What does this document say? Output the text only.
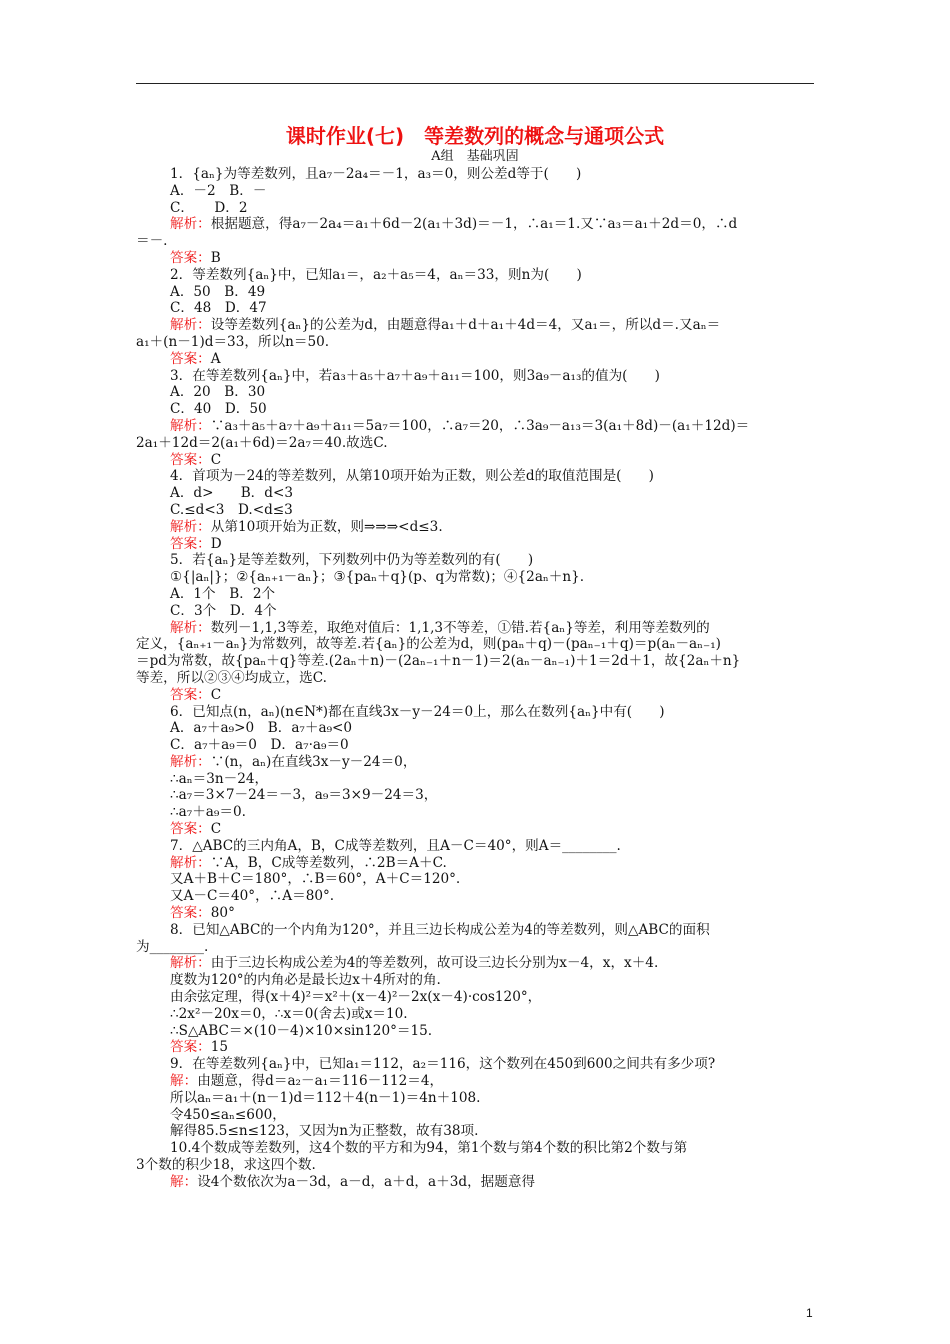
课时作业(七)　等差数列的概念与通项公式
A组　基础巩固
1．{aₙ}为等差数列，且a₇－2a₄＝－1，a₃＝0，则公差d等于(　　)
A．－2　B．－
C．　　D．2
解析：根据题意，得a₇－2a₄＝a₁＋6d－2(a₁＋3d)＝－1，∴a₁＝1.又∵a₃＝a₁＋2d＝0，∴d
＝－.
答案：B
2．等差数列{aₙ}中，已知a₁＝，a₂＋a₅＝4，aₙ＝33，则n为(　　)
A．50　B．49
C．48　D．47
解析：设等差数列{aₙ}的公差为d，由题意得a₁＋d＋a₁＋4d＝4，又a₁＝，所以d＝.又aₙ＝
a₁＋(n－1)d＝33，所以n＝50.
答案：A
3．在等差数列{aₙ}中，若a₃＋a₅＋a₇＋a₉＋a₁₁＝100，则3a₉－a₁₃的值为(　　)
A．20　B．30
C．40　D．50
解析：∵a₃＋a₅＋a₇＋a₉＋a₁₁＝5a₇＝100，∴a₇＝20，∴3a₉－a₁₃＝3(a₁＋8d)－(a₁＋12d)＝
2a₁＋12d＝2(a₁＋6d)＝2a₇＝40.故选C.
答案：C
4．首项为－24的等差数列，从第10项开始为正数，则公差d的取值范围是(　　)
A．d>　　B．d<3
C.≤d<3　D.<d≤3
解析：从第10项开始为正数，则⇒⇒⇒<d≤3.
答案：D
5．若{aₙ}是等差数列，下列数列中仍为等差数列的有(　　)
①{|aₙ|}；②{aₙ₊₁－aₙ}；③{paₙ＋q}(p、q为常数)；④{2aₙ＋n}.
A．1个　B．2个
C．3个　D．4个
解析：数列－1,1,3等差，取绝对值后：1,1,3不等差，①错.若{aₙ}等差，利用等差数列的
定义，{aₙ₊₁－aₙ}为常数列，故等差.若{aₙ}的公差为d，则(paₙ＋q)－(paₙ₋₁＋q)＝p(aₙ－aₙ₋₁)
＝pd为常数，故{paₙ＋q}等差.(2aₙ＋n)－(2aₙ₋₁＋n－1)＝2(aₙ－aₙ₋₁)＋1＝2d＋1，故{2aₙ＋n}
等差，所以②③④均成立，选C.
答案：C
6．已知点(n，aₙ)(n∈N*)都在直线3x－y－24＝0上，那么在数列{aₙ}中有(　　)
A．a₇＋a₉>0　B．a₇＋a₉<0
C．a₇＋a₉＝0　D．a₇·a₉＝0
解析：∵(n，aₙ)在直线3x－y－24＝0，
∴aₙ＝3n－24，
∴a₇＝3×7－24＝－3，a₉＝3×9－24＝3，
∴a₇＋a₉＝0.
答案：C
7．△ABC的三内角A，B，C成等差数列，且A－C＝40°，则A＝________.
解析：∵A，B，C成等差数列，∴2B＝A＋C.
又A＋B＋C＝180°，∴B＝60°，A＋C＝120°.
又A－C＝40°，∴A＝80°.
答案：80°
8．已知△ABC的一个内角为120°，并且三边长构成公差为4的等差数列，则△ABC的面积
为________.
解析：由于三边长构成公差为4的等差数列，故可设三边长分别为x－4，x，x＋4.
度数为120°的内角必是最长边x＋4所对的角.
由余弦定理，得(x＋4)²＝x²＋(x－4)²－2x(x－4)·cos120°，
∴2x²－20x＝0，∴x＝0(舍去)或x＝10.
∴S△ABC＝×(10－4)×10×sin120°＝15.
答案：15
9．在等差数列{aₙ}中，已知a₁＝112，a₂＝116，这个数列在450到600之间共有多少项?
解：由题意，得d＝a₂－a₁＝116－112＝4，
所以aₙ＝a₁＋(n－1)d＝112＋4(n－1)＝4n＋108.
令450≤aₙ≤600，
解得85.5≤n≤123，又因为n为正整数，故有38项.
10.4个数成等差数列，这4个数的平方和为94，第1个数与第4个数的积比第2个数与第
3个数的积少18，求这四个数.
解：设4个数依次为a－3d，a－d，a＋d，a＋3d，据题意得
1
